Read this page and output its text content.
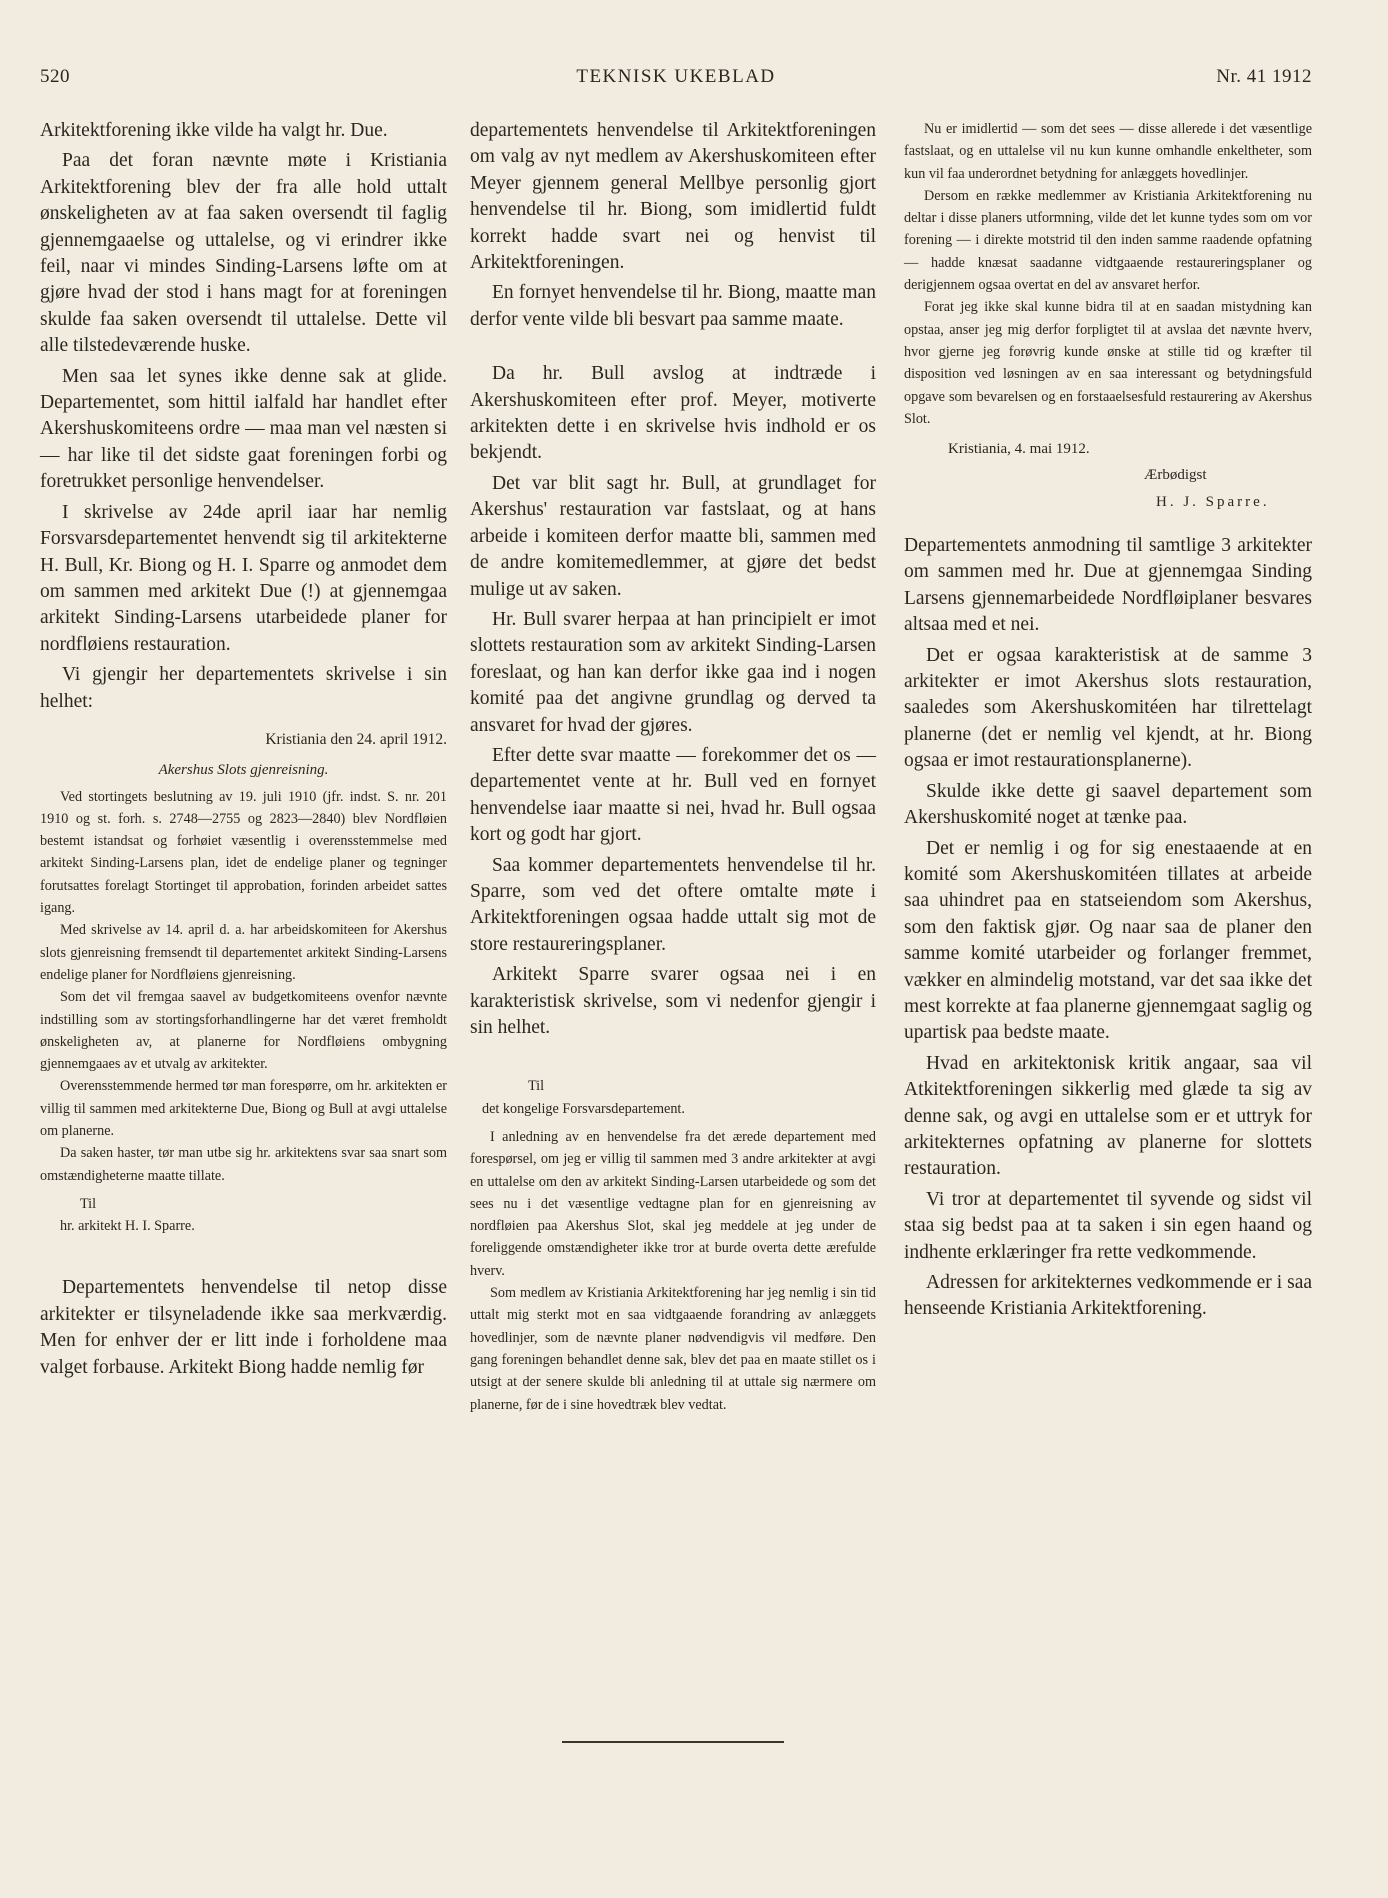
520	TEKNISK UKEBLAD	Nr. 41 1912

Arkitektforening ikke vilde ha valgt hr. Due.

Paa det foran nævnte møte i Kristiania Arkitektforening blev der fra alle hold uttalt ønskeligheten av at faa saken oversendt til faglig gjennemgaaelse og uttalelse, og vi erindrer ikke feil, naar vi mindes Sinding-Larsens løfte om at gjøre hvad der stod i hans magt for at foreningen skulde faa saken oversendt til uttalelse. Dette vil alle tilstedeværende huske.

Men saa let synes ikke denne sak at glide. Departementet, som hittil ialfald har handlet efter Akershuskomiteens ordre — maa man vel næsten si — har like til det sidste gaat foreningen forbi og foretrukket personlige henvendelser.

I skrivelse av 24de april iaar har nemlig Forsvarsdepartementet henvendt sig til arkitekterne H. Bull, Kr. Biong og H. I. Sparre og anmodet dem om sammen med arkitekt Due (!) at gjennemgaa arkitekt Sinding-Larsens utarbeidede planer for nordfløiens restauration.

Vi gjengir her departementets skrivelse i sin helhet:

Kristiania den 24. april 1912.

Akershus Slots gjenreisning.

Ved stortingets beslutning av 19. juli 1910 (jfr. indst. S. nr. 201 1910 og st. forh. s. 2748—2755 og 2823—2840) blev Nordfløien bestemt istandsat og forhøiet væsentlig i overensstemmelse med arkitekt Sinding-Larsens plan, idet de endelige planer og tegninger forutsattes forelagt Stortinget til approbation, forinden arbeidet sattes igang.

Med skrivelse av 14. april d. a. har arbeidskomiteen for Akershus slots gjenreisning fremsendt til departementet arkitekt Sinding-Larsens endelige planer for Nordfløiens gjenreisning.

Som det vil fremgaa saavel av budgetkomiteens ovenfor nævnte indstilling som av stortingsforhandlingerne har det været fremholdt ønskeligheten av, at planerne for Nordfløiens ombygning gjennemgaaes av et utvalg av arkitekter.

Overensstemmende hermed tør man forespørre, om hr. arkitekten er villig til sammen med arkitekterne Due, Biong og Bull at avgi uttalelse om planerne.

Da saken haster, tør man utbe sig hr. arkitektens svar saa snart som omstændigheterne maatte tillate.

Til

hr. arkitekt H. I. Sparre.

Departementets henvendelse til netop disse arkitekter er tilsyneladende ikke saa merkværdig. Men for enhver der er litt inde i forholdene maa valget forbause. Arkitekt Biong hadde nemlig før

departementets henvendelse til Arkitektforeningen om valg av nyt medlem av Akershuskomiteen efter Meyer gjennem general Mellbye personlig gjort henvendelse til hr. Biong, som imidlertid fuldt korrekt hadde svart nei og henvist til Arkitektforeningen.

En fornyet henvendelse til hr. Biong, maatte man derfor vente vilde bli besvart paa samme maate.

Da hr. Bull avslog at indtræde i Akershuskomiteen efter prof. Meyer, motiverte arkitekten dette i en skrivelse hvis indhold er os bekjendt.

Det var blit sagt hr. Bull, at grundlaget for Akershus' restauration var fastslaat, og at hans arbeide i komiteen derfor maatte bli, sammen med de andre komitemedlemmer, at gjøre det bedst mulige ut av saken.

Hr. Bull svarer herpaa at han principielt er imot slottets restauration som av arkitekt Sinding-Larsen foreslaat, og han kan derfor ikke gaa ind i nogen komité paa det angivne grundlag og derved ta ansvaret for hvad der gjøres.

Efter dette svar maatte — forekommer det os — departementet vente at hr. Bull ved en fornyet henvendelse iaar maatte si nei, hvad hr. Bull ogsaa kort og godt har gjort.

Saa kommer departementets henvendelse til hr. Sparre, som ved det oftere omtalte møte i Arkitektforeningen ogsaa hadde uttalt sig mot de store restaureringsplaner.

Arkitekt Sparre svarer ogsaa nei i en karakteristisk skrivelse, som vi nedenfor gjengir i sin helhet.

Til

det kongelige Forsvarsdepartement.

I anledning av en henvendelse fra det ærede departement med forespørsel, om jeg er villig til sammen med 3 andre arkitekter at avgi en uttalelse om den av arkitekt Sinding-Larsen utarbeidede og som det sees nu i det væsentlige vedtagne plan for en gjenreisning av nordfløien paa Akershus Slot, skal jeg meddele at jeg under de foreliggende omstændigheter ikke tror at burde overta dette ærefulde hverv.

Som medlem av Kristiania Arkitektforening har jeg nemlig i sin tid uttalt mig sterkt mot en saa vidtgaaende forandring av anlæggets hovedlinjer, som de nævnte planer nødvendigvis vil medføre. Den gang foreningen behandlet denne sak, blev det paa en maate stillet os i utsigt at der senere skulde bli anledning til at uttale sig nærmere om planerne, før de i sine hovedtræk blev vedtat.

Nu er imidlertid — som det sees — disse allerede i det væsentlige fastslaat, og en uttalelse vil nu kun kunne omhandle enkeltheter, som kun vil faa underordnet betydning for anlæggets hovedlinjer.

Dersom en række medlemmer av Kristiania Arkitektforening nu deltar i disse planers utformning, vilde det let kunne tydes som om vor forening — i direkte motstrid til den inden samme raadende opfatning — hadde knæsat saadanne vidtgaaende restaureringsplaner og derigjennem ogsaa overtat en del av ansvaret herfor.

Forat jeg ikke skal kunne bidra til at en saadan mistydning kan opstaa, anser jeg mig derfor forpligtet til at avslaa det nævnte hverv, hvor gjerne jeg forøvrig kunde ønske at stille tid og kræfter til disposition ved løsningen av en saa interessant og betydningsfuld opgave som bevarelsen og en forstaaelsesfuld restaurering av Akershus Slot.

Kristiania, 4. mai 1912.

Ærbødigst

H. J. Sparre.

Departementets anmodning til samtlige 3 arkitekter om sammen med hr. Due at gjennemgaa Sinding Larsens gjennemarbeidede Nordfløiplaner besvares altsaa med et nei.

Det er ogsaa karakteristisk at de samme 3 arkitekter er imot Akershus slots restauration, saaledes som Akershuskomitéen har tilrettelagt planerne (det er nemlig vel kjendt, at hr. Biong ogsaa er imot restaurationsplanerne).

Skulde ikke dette gi saavel departement som Akershuskomité noget at tænke paa.

Det er nemlig i og for sig enestaaende at en komité som Akershuskomitéen tillates at arbeide saa uhindret paa en statseiendom som Akershus, som den faktisk gjør. Og naar saa de planer den samme komité utarbeider og forlanger fremmet, vækker en almindelig motstand, var det saa ikke det mest korrekte at faa planerne gjennemgaat saglig og upartisk paa bedste maate.

Hvad en arkitektonisk kritik angaar, saa vil Atkitektforeningen sikkerlig med glæde ta sig av denne sak, og avgi en uttalelse som er et uttryk for arkitekternes opfatning av planerne for slottets restauration.

Vi tror at departementet til syvende og sidst vil staa sig bedst paa at ta saken i sin egen haand og indhente erklæringer fra rette vedkommende.

Adressen for arkitekternes vedkommende er i saa henseende Kristiania Arkitektforening.
